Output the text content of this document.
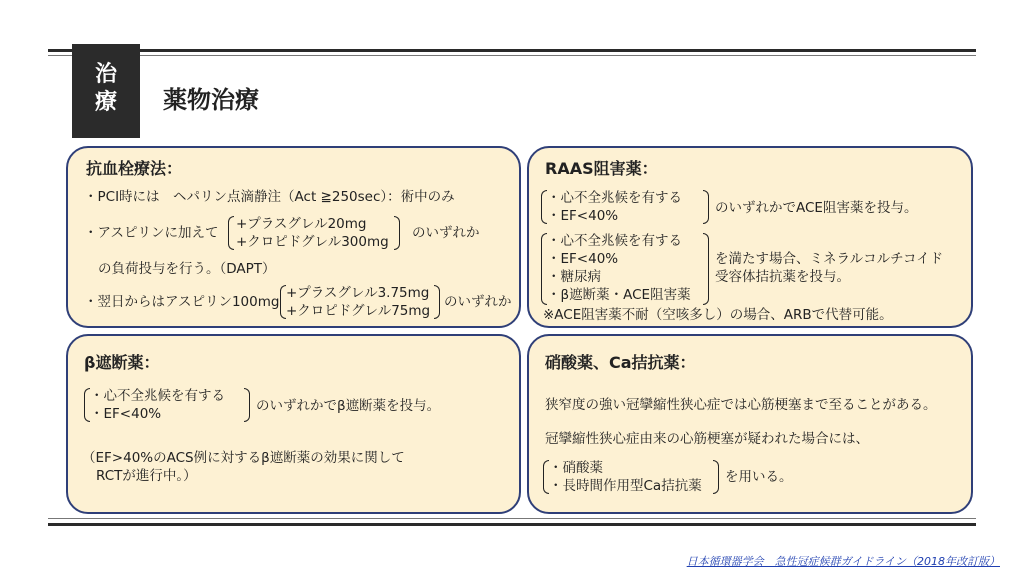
治
療	薬物治療
抗血栓療法：
・PCI時には　ヘパリン点滴静注（Act ≧250sec）：術中のみ
・アスピリンに加えて
+プラスグレル20mg
+クロピドグレル300mg
のいずれか
の負荷投与を行う。（DAPT）
・翌日からはアスピリン100mg
+プラスグレル3.75mg
+クロピドグレル75mg
のいずれか
RAAS阻害薬：
・心不全兆候を有する
・EF<40%	のいずれかでACE阻害薬を投与。
・心不全兆候を有する
・EF<40%
・糖尿病
・β遮断薬・ACE阻害薬
を満たす場合、ミネラルコルチコイド
受容体拮抗薬を投与。
※ACE阻害薬不耐（空咳多し）の場合、ARBで代替可能。
β遮断薬：
・心不全兆候を有する
・EF<40%	のいずれかでβ遮断薬を投与。
（EF>40%のACS例に対するβ遮断薬の効果に関して
RCTが進行中。）
硝酸薬、Ca拮抗薬：
狭窄度の強い冠攣縮性狭心症では心筋梗塞まで至ることがある。
冠攣縮性狭心症由来の心筋梗塞が疑われた場合には、
・硝酸薬
・長時間作用型Ca拮抗薬
を用いる。
日本循環器学会　急性冠症候群ガイドライン（2018年改訂版）
